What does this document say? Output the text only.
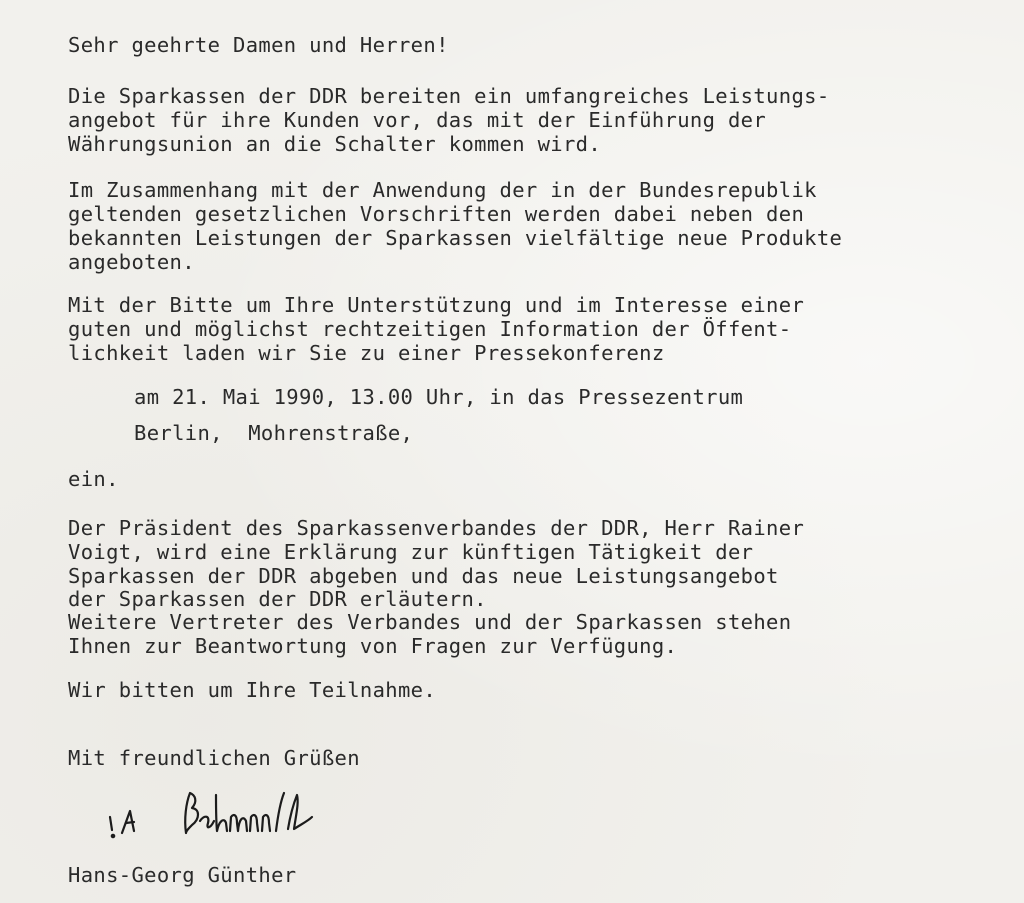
Sehr geehrte Damen und Herren!
Die Sparkassen der DDR bereiten ein umfangreiches Leistungs-
angebot für ihre Kunden vor, das mit der Einführung der
Währungsunion an die Schalter kommen wird.
Im Zusammenhang mit der Anwendung der in der Bundesrepublik
geltenden gesetzlichen Vorschriften werden dabei neben den
bekannten Leistungen der Sparkassen vielfältige neue Produkte
angeboten.
Mit der Bitte um Ihre Unterstützung und im Interesse einer
guten und möglichst rechtzeitigen Information der Öffent-
lichkeit laden wir Sie zu einer Pressekonferenz
am 21. Mai 1990, 13.00 Uhr, in das Pressezentrum
Berlin,  Mohrenstraße,
ein.
Der Präsident des Sparkassenverbandes der DDR, Herr Rainer
Voigt, wird eine Erklärung zur künftigen Tätigkeit der
Sparkassen der DDR abgeben und das neue Leistungsangebot
der Sparkassen der DDR erläutern.
Weitere Vertreter des Verbandes und der Sparkassen stehen
Ihnen zur Beantwortung von Fragen zur Verfügung.
Wir bitten um Ihre Teilnahme.
Mit freundlichen Grüßen
Hans-Georg Günther
